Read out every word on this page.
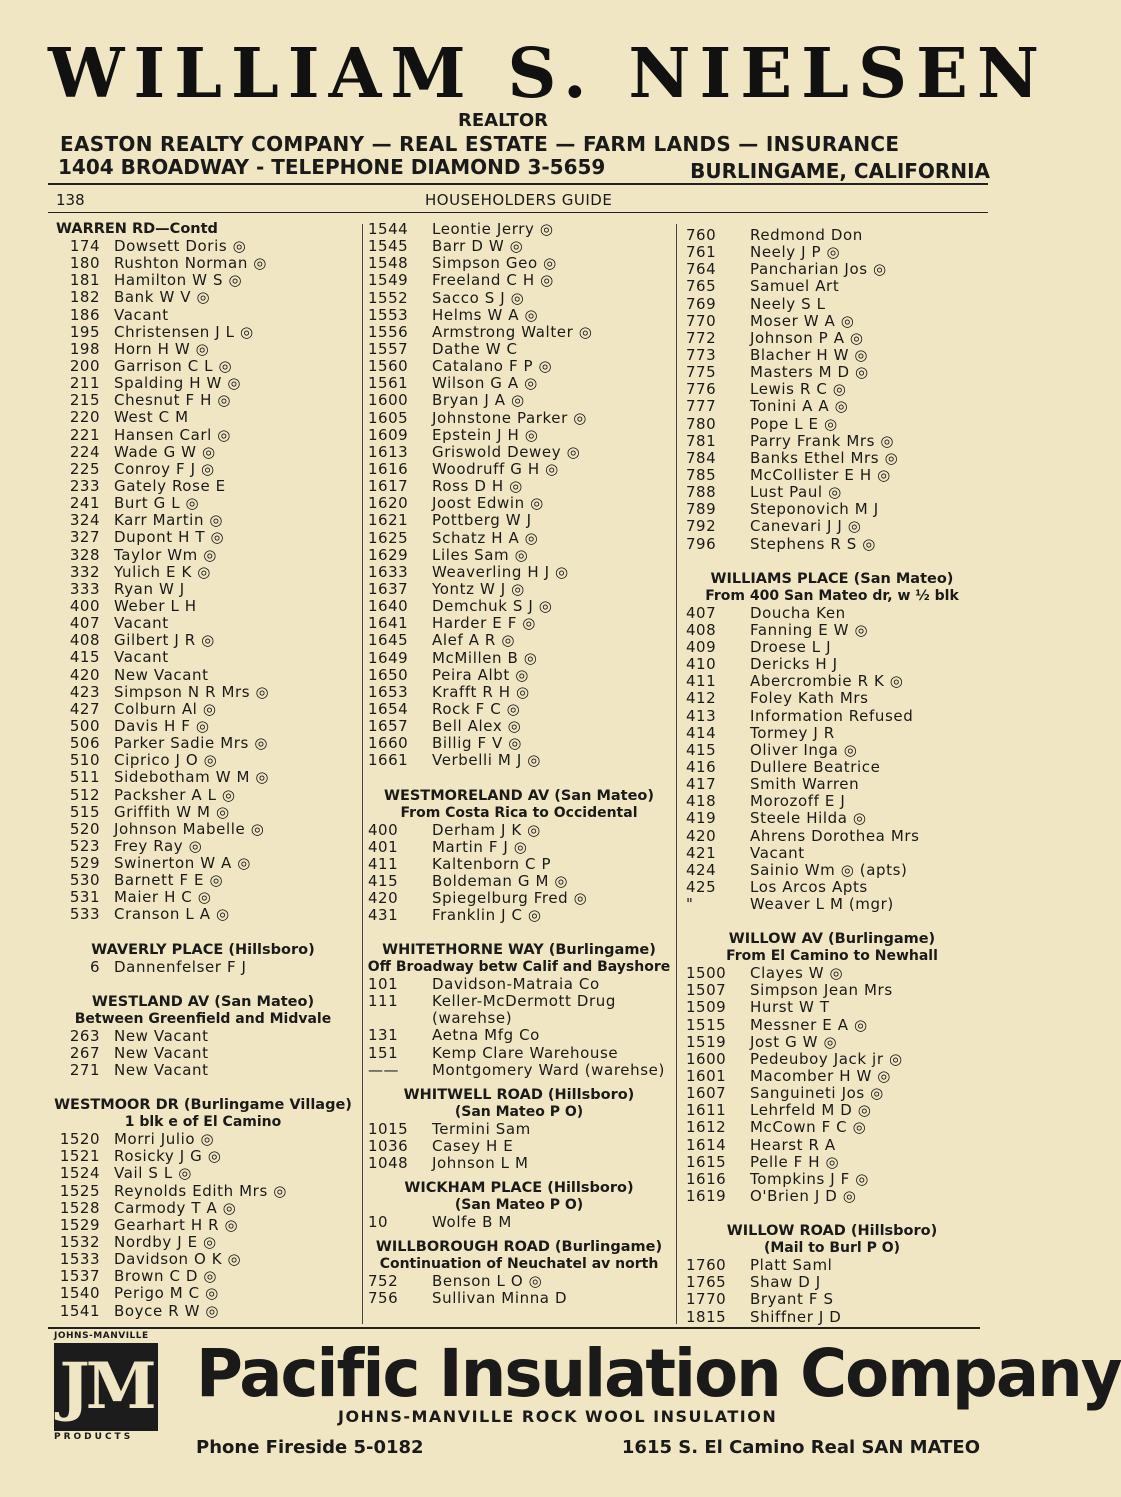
WILLIAM S. NIELSEN
REALTOR
EASTON REALTY COMPANY — REAL ESTATE — FARM LANDS — INSURANCE
1404 BROADWAY - TELEPHONE DIAMOND 3-5659	BURLINGAME, CALIFORNIA
138	HOUSEHOLDERS GUIDE
WARREN RD—Contd
174 Dowsett Doris ◎
180 Rushton Norman ◎
181 Hamilton W S ◎
182 Bank W V ◎
186 Vacant
195 Christensen J L ◎
198 Horn H W ◎
200 Garrison C L ◎
211 Spalding H W ◎
215 Chesnut F H ◎
220 West C M
221 Hansen Carl ◎
224 Wade G W ◎
225 Conroy F J ◎
233 Gately Rose E
241 Burt G L ◎
324 Karr Martin ◎
327 Dupont H T ◎
328 Taylor Wm ◎
332 Yulich E K ◎
333 Ryan W J
400 Weber L H
407 Vacant
408 Gilbert J R ◎
415 Vacant
420 New Vacant
423 Simpson N R Mrs ◎
427 Colburn Al ◎
500 Davis H F ◎
506 Parker Sadie Mrs ◎
510 Ciprico J O ◎
511 Sidebotham W M ◎
512 Packsher A L ◎
515 Griffith W M ◎
520 Johnson Mabelle ◎
523 Frey Ray ◎
529 Swinerton W A ◎
530 Barnett F E ◎
531 Maier H C ◎
533 Cranson L A ◎
WAVERLY PLACE (Hillsboro)
6 Dannenfelser F J
WESTLAND AV (San Mateo)
Between Greenfield and Midvale
263 New Vacant
267 New Vacant
271 New Vacant
WESTMOOR DR (Burlingame Village)
1 blk e of El Camino
1520 Morri Julio ◎
1521 Rosicky J G ◎
1524 Vail S L ◎
1525 Reynolds Edith Mrs ◎
1528 Carmody T A ◎
1529 Gearhart H R ◎
1532 Nordby J E ◎
1533 Davidson O K ◎
1537 Brown C D ◎
1540 Perigo M C ◎
1541 Boyce R W ◎
1544	Leontie Jerry ◎
1545	Barr D W ◎
1548	Simpson Geo ◎
1549	Freeland C H ◎
1552	Sacco S J ◎
1553	Helms W A ◎
1556	Armstrong Walter ◎
1557	Dathe W C
1560	Catalano F P ◎
1561	Wilson G A ◎
1600	Bryan J A ◎
1605	Johnstone Parker ◎
1609	Epstein J H ◎
1613	Griswold Dewey ◎
1616	Woodruff G H ◎
1617	Ross D H ◎
1620	Joost Edwin ◎
1621	Pottberg W J
1625	Schatz H A ◎
1629	Liles Sam ◎
1633	Weaverling H J ◎
1637	Yontz W J ◎
1640	Demchuk S J ◎
1641	Harder E F ◎
1645	Alef A R ◎
1649	McMillen B ◎
1650	Peira Albt ◎
1653	Krafft R H ◎
1654	Rock F C ◎
1657	Bell Alex ◎
1660	Billig F V ◎
1661	Verbelli M J ◎
WESTMORELAND AV (San Mateo)
From Costa Rica to Occidental
400	Derham J K ◎
401	Martin F J ◎
411	Kaltenborn C P
415	Boldeman G M ◎
420	Spiegelburg Fred ◎
431	Franklin J C ◎
WHITETHORNE WAY (Burlingame)
Off Broadway betw Calif and Bayshore
101	Davidson-Matraia Co
111	Keller-McDermott Drug (warehse)
131	Aetna Mfg Co
151	Kemp Clare Warehouse
——	Montgomery Ward (warehse)
WHITWELL ROAD (Hillsboro)
(San Mateo P O)
1015	Termini Sam
1036	Casey H E
1048	Johnson L M
WICKHAM PLACE (Hillsboro)
(San Mateo P O)
10	Wolfe B M
WILLBOROUGH ROAD (Burlingame)
Continuation of Neuchatel av north
752	Benson L O ◎
756	Sullivan Minna D
760	Redmond Don
761	Neely J P ◎
764	Pancharian Jos ◎
765	Samuel Art
769	Neely S L
770	Moser W A ◎
772	Johnson P A ◎
773	Blacher H W ◎
775	Masters M D ◎
776	Lewis R C ◎
777	Tonini A A ◎
780	Pope L E ◎
781	Parry Frank Mrs ◎
784	Banks Ethel Mrs ◎
785	McCollister E H ◎
788	Lust Paul ◎
789	Steponovich M J
792	Canevari J J ◎
796	Stephens R S ◎
WILLIAMS PLACE (San Mateo)
From 400 San Mateo dr, w ½ blk
407	Doucha Ken
408	Fanning E W ◎
409	Droese L J
410	Dericks H J
411	Abercrombie R K ◎
412	Foley Kath Mrs
413	Information Refused
414	Tormey J R
415	Oliver Inga ◎
416	Dullere Beatrice
417	Smith Warren
418	Morozoff E J
419	Steele Hilda ◎
420	Ahrens Dorothea Mrs
421	Vacant
424	Sainio Wm ◎ (apts)
425	Los Arcos Apts
"	Weaver L M (mgr)
WILLOW AV (Burlingame)
From El Camino to Newhall
1500	Clayes W ◎
1507	Simpson Jean Mrs
1509	Hurst W T
1515	Messner E A ◎
1519	Jost G W ◎
1600	Pedeuboy Jack jr ◎
1601	Macomber H W ◎
1607	Sanguineti Jos ◎
1611	Lehrfeld M D ◎
1612	McCown F C ◎
1614	Hearst R A
1615	Pelle F H ◎
1616	Tompkins J F ◎
1619	O'Brien J D ◎
WILLOW ROAD (Hillsboro)
(Mail to Burl P O)
1760	Platt Saml
1765	Shaw D J
1770	Bryant F S
1815	Shiffner J D
JOHNS-MANVILLE
JM
PRODUCTS
Pacific Insulation Company
JOHNS-MANVILLE ROCK WOOL INSULATION
Phone Fireside 5-0182	1615 S. El Camino Real SAN MATEO
